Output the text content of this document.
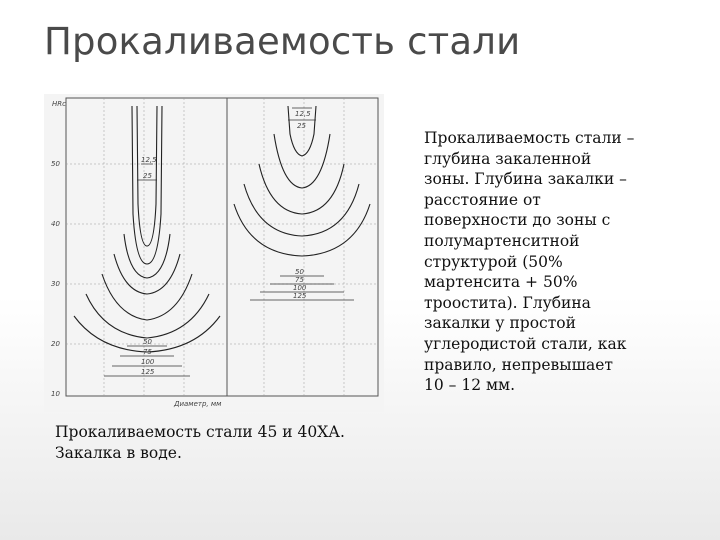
Прокаливаемость стали
HRc
50
40
30
20
10
12,5
25
50
75
100
125
12,5
25
50
75
100
125
Диаметр, мм
Прокаливаемость стали – глубина закаленной зоны. Глубина закалки – расстояние от поверхности до зоны с полумартенситной структурой (50% мартенсита + 50% троостита). Глубина закалки у простой углеродистой стали, как правило, непревышает 10 – 12 мм.
Прокаливаемость стали 45 и 40ХА.
Закалка в воде.
